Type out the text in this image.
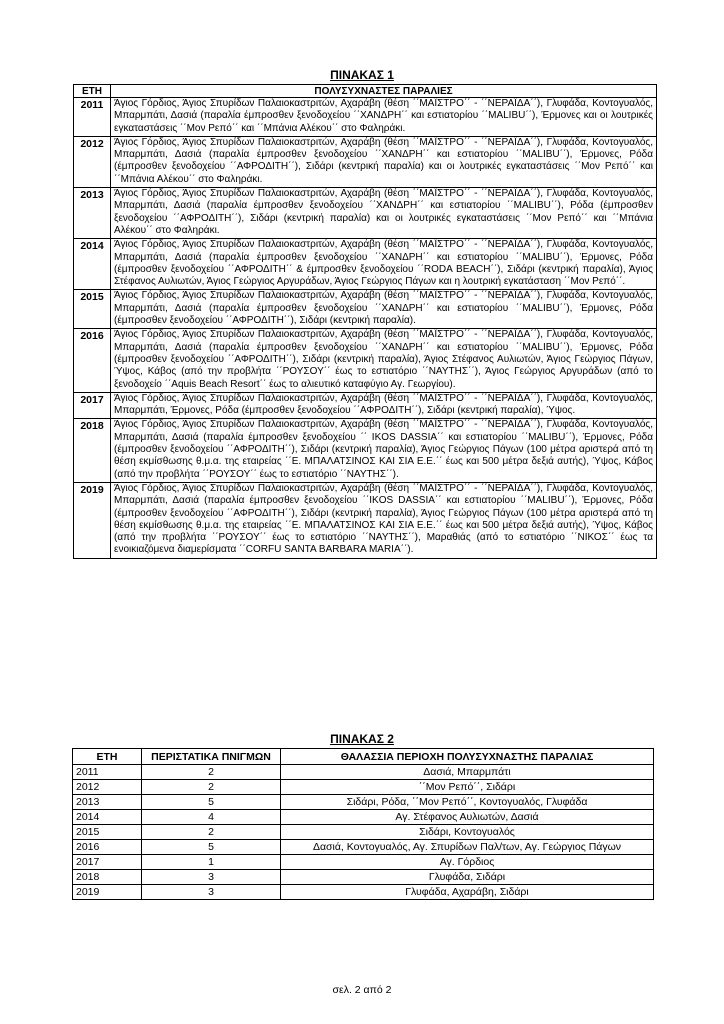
ΠΙΝΑΚΑΣ 1
ΕΤΗ	ΠΟΛΥΣΥΧΝΑΣΤΕΣ ΠΑΡΑΛΙΕΣ
2011	Άγιος Γόρδιος, Άγιος Σπυρίδων Παλαιοκαστριτών, Αχαράβη (θέση ΄΄ΜΑΪΣΤΡΟ΄΄ - ΄΄ΝΕΡΑΪΔΑ΄΄), Γλυφάδα, Κοντογυαλός, Μπαρμπάτι, Δασιά (παραλία έμπροσθεν ξενοδοχείου ΄΄ΧΑΝΔΡΗ΄΄ και εστιατορίου ΄΄MALIBU΄΄), Έρμονες και οι λουτρικές εγκαταστάσεις ΄΄Μον Ρεπό΄΄ και ΄΄Μπάνια Αλέκου΄΄ στο Φαληράκι.
2012	Άγιος Γόρδιος, Άγιος Σπυρίδων Παλαιοκαστριτών, Αχαράβη (θέση ΄΄ΜΑΪΣΤΡΟ΄΄ - ΄΄ΝΕΡΑΪΔΑ΄΄), Γλυφάδα, Κοντογυαλός, Μπαρμπάτι, Δασιά (παραλία έμπροσθεν ξενοδοχείου ΄΄ΧΑΝΔΡΗ΄΄ και εστιατορίου ΄΄MALIBU΄΄), Έρμονες, Ρόδα (έμπροσθεν ξενοδοχείου ΄΄ΑΦΡΟΔΙΤΗ΄΄), Σιδάρι (κεντρική παραλία) και οι λουτρικές εγκαταστάσεις ΄΄Μον Ρεπό΄΄ και ΄΄Μπάνια Αλέκου΄΄ στο Φαληράκι.
2013	Άγιος Γόρδιος, Άγιος Σπυρίδων Παλαιοκαστριτών, Αχαράβη (θέση ΄΄ΜΑΪΣΤΡΟ΄΄ - ΄΄ΝΕΡΑΪΔΑ΄΄), Γλυφάδα, Κοντογυαλός, Μπαρμπάτι, Δασιά (παραλία έμπροσθεν ξενοδοχείου ΄΄ΧΑΝΔΡΗ΄΄ και εστιατορίου ΄΄MALIBU΄΄), Ρόδα (έμπροσθεν ξενοδοχείου ΄΄ΑΦΡΟΔΙΤΗ΄΄), Σιδάρι (κεντρική παραλία) και οι λουτρικές εγκαταστάσεις ΄΄Μον Ρεπό΄΄ και ΄΄Μπάνια Αλέκου΄΄ στο Φαληράκι.
2014	Άγιος Γόρδιος, Άγιος Σπυρίδων Παλαιοκαστριτών, Αχαράβη (θέση ΄΄ΜΑΪΣΤΡΟ΄΄ - ΄΄ΝΕΡΑΪΔΑ΄΄), Γλυφάδα, Κοντογυαλός, Μπαρμπάτι, Δασιά (παραλία έμπροσθεν ξενοδοχείου ΄΄ΧΑΝΔΡΗ΄΄ και εστιατορίου ΄΄MALIBU΄΄), Έρμονες, Ρόδα (έμπροσθεν ξενοδοχείου ΄΄ΑΦΡΟΔΙΤΗ΄΄ & έμπροσθεν ξενοδοχείου ΄΄RODA BEACH΄΄), Σιδάρι (κεντρική παραλία), Άγιος Στέφανος Αυλιωτών, Άγιος Γεώργιος Αργυράδων, Άγιος Γεώργιος Πάγων και η λουτρική εγκατάσταση ΄΄Μον Ρεπό΄΄.
2015	Άγιος Γόρδιος, Άγιος Σπυρίδων Παλαιοκαστριτών, Αχαράβη (θέση ΄΄ΜΑΪΣΤΡΟ΄΄ - ΄΄ΝΕΡΑΪΔΑ΄΄), Γλυφάδα, Κοντογυαλός, Μπαρμπάτι, Δασιά (παραλία έμπροσθεν ξενοδοχείου ΄΄ΧΑΝΔΡΗ΄΄ και εστιατορίου ΄΄MALIBU΄΄), Έρμονες, Ρόδα (έμπροσθεν ξενοδοχείου ΄΄ΑΦΡΟΔΙΤΗ΄΄), Σιδάρι (κεντρική παραλία).
2016	Άγιος Γόρδιος, Άγιος Σπυρίδων Παλαιοκαστριτών, Αχαράβη (θέση ΄΄ΜΑΪΣΤΡΟ΄΄ - ΄΄ΝΕΡΑΪΔΑ΄΄), Γλυφάδα, Κοντογυαλός, Μπαρμπάτι, Δασιά (παραλία έμπροσθεν ξενοδοχείου ΄΄ΧΑΝΔΡΗ΄΄ και εστιατορίου ΄΄MALIBU΄΄), Έρμονες, Ρόδα (έμπροσθεν ξενοδοχείου ΄΄ΑΦΡΟΔΙΤΗ΄΄), Σιδάρι (κεντρική παραλία), Άγιος Στέφανος Αυλιωτών, Άγιος Γεώργιος Πάγων, Ύψος, Κάβος (από την προβλήτα ΄΄ΡΟΥΣΟΥ΄΄ έως το εστιατόριο ΄΄ΝΑΥΤΗΣ΄΄), Άγιος Γεώργιος Αργυράδων (από το ξενοδοχείο ΄΄Aquis Beach Resort΄΄ έως το αλιευτικό καταφύγιο Αγ. Γεωργίου).
2017	Άγιος Γόρδιος, Άγιος Σπυρίδων Παλαιοκαστριτών, Αχαράβη (θέση ΄΄ΜΑΪΣΤΡΟ΄΄ - ΄΄ΝΕΡΑΪΔΑ΄΄), Γλυφάδα, Κοντογυαλός, Μπαρμπάτι, Έρμονες, Ρόδα (έμπροσθεν ξενοδοχείου ΄΄ΑΦΡΟΔΙΤΗ΄΄), Σιδάρι (κεντρική παραλία), Ύψος.
2018	Άγιος Γόρδιος, Άγιος Σπυρίδων Παλαιοκαστριτών, Αχαράβη (θέση ΄΄ΜΑΪΣΤΡΟ΄΄ - ΄΄ΝΕΡΑΪΔΑ΄΄), Γλυφάδα, Κοντογυαλός, Μπαρμπάτι, Δασιά (παραλία έμπροσθεν ξενοδοχείου ΄΄ IKOS DASSIA΄΄ και εστιατορίου ΄΄MALIBU΄΄), Έρμονες, Ρόδα (έμπροσθεν ξενοδοχείου ΄΄ΑΦΡΟΔΙΤΗ΄΄), Σιδάρι (κεντρική παραλία), Άγιος Γεώργιος Πάγων (100 μέτρα αριστερά από τη θέση εκμίσθωσης θ.μ.α. της εταιρείας ΄΄Ε. ΜΠΑΛΑΤΣΙΝΟΣ ΚΑΙ ΣΙΑ Ε.Ε.΄΄ έως και 500 μέτρα δεξιά αυτής), Ύψος, Κάβος (από την προβλήτα ΄΄ΡΟΥΣΟΥ΄΄ έως το εστιατόριο ΄΄ΝΑΥΤΗΣ΄΄).
2019	Άγιος Γόρδιος, Άγιος Σπυρίδων Παλαιοκαστριτών, Αχαράβη (θέση ΄΄ΜΑΪΣΤΡΟ΄΄ - ΄΄ΝΕΡΑΪΔΑ΄΄), Γλυφάδα, Κοντογυαλός, Μπαρμπάτι, Δασιά (παραλία έμπροσθεν ξενοδοχείου ΄΄IKOS DASSIA΄΄ και εστιατορίου ΄΄MALIBU΄΄), Έρμονες, Ρόδα (έμπροσθεν ξενοδοχείου ΄΄ΑΦΡΟΔΙΤΗ΄΄), Σιδάρι (κεντρική παραλία), Άγιος Γεώργιος Πάγων (100 μέτρα αριστερά από τη θέση εκμίσθωσης θ.μ.α. της εταιρείας ΄΄Ε. ΜΠΑΛΑΤΣΙΝΟΣ ΚΑΙ ΣΙΑ Ε.Ε.΄΄ έως και 500 μέτρα δεξιά αυτής), Ύψος, Κάβος (από την προβλήτα ΄΄ΡΟΥΣΟΥ΄΄ έως το εστιατόριο ΄΄ΝΑΥΤΗΣ΄΄), Μαραθιάς (από το εστιατόριο ΄΄ΝΙΚΟΣ΄΄ έως τα ενοικιαζόμενα διαμερίσματα ΄΄CORFU SANTA BARBARA MARIA΄΄).
ΠΙΝΑΚΑΣ 2
ΕΤΗ	ΠΕΡΙΣΤΑΤΙΚΑ ΠΝΙΓΜΩΝ	ΘΑΛΑΣΣΙΑ ΠΕΡΙΟΧΗ ΠΟΛΥΣΥΧΝΑΣΤΗΣ ΠΑΡΑΛΙΑΣ
2011	2	Δασιά, Μπαρμπάτι
2012	2	΄΄Μον Ρεπό΄΄, Σιδάρι
2013	5	Σιδάρι, Ρόδα, ΄΄Μον Ρεπό΄΄, Κοντογυαλός, Γλυφάδα
2014	4	Αγ. Στέφανος Αυλιωτών, Δασιά
2015	2	Σιδάρι, Κοντογυαλός
2016	5	Δασιά, Κοντογυαλός, Αγ. Σπυρίδων Παλ/των, Αγ. Γεώργιος Πάγων
2017	1	Αγ. Γόρδιος
2018	3	Γλυφάδα, Σιδάρι
2019	3	Γλυφάδα, Αχαράβη, Σιδάρι
σελ. 2 από 2
